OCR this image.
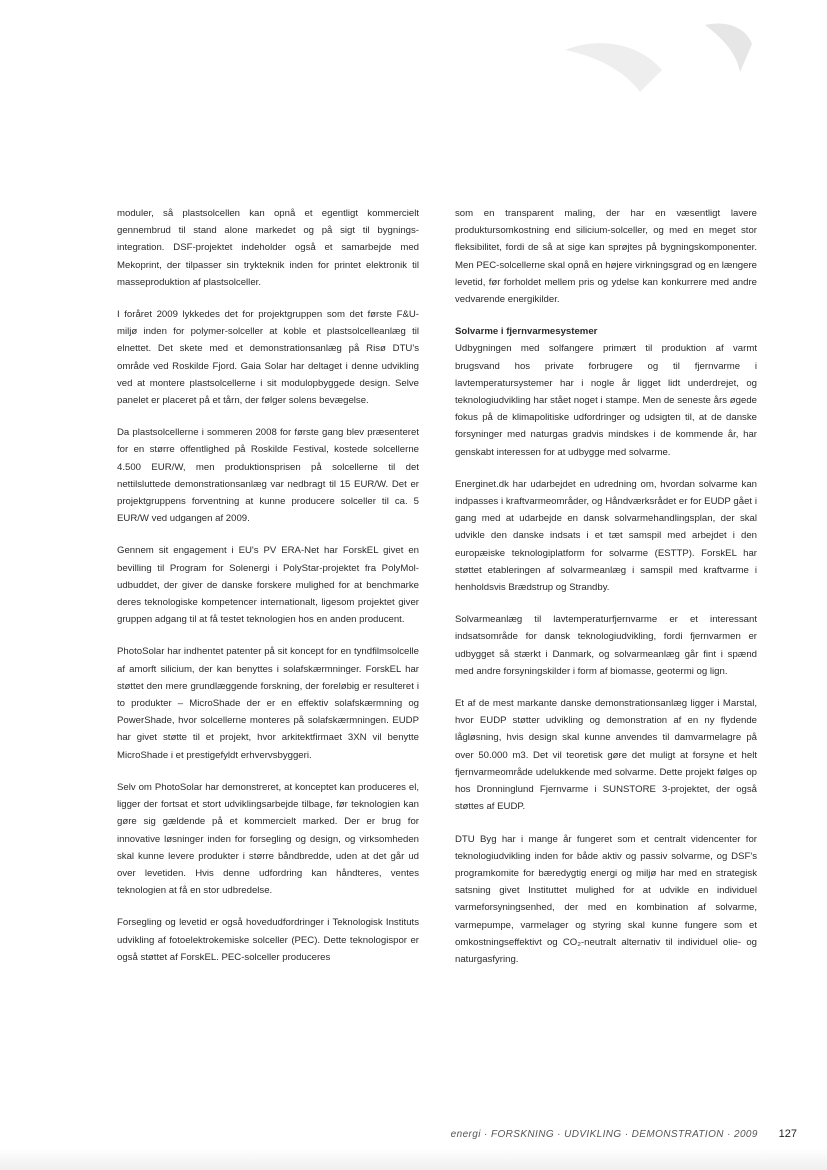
moduler, så plastsolcellen kan opnå et egentligt kommercielt gennembrud til stand alone markedet og på sigt til bygnings-integration. DSF-projektet indeholder også et samarbejde med Mekoprint, der tilpasser sin trykteknik inden for printet elektronik til masseproduktion af plastsolceller.

I foråret 2009 lykkedes det for projektgruppen som det første F&U-miljø inden for polymer-solceller at koble et plastsolcelleanlæg til elnettet. Det skete med et demonstrationsanlæg på Risø DTU's område ved Roskilde Fjord. Gaia Solar har deltaget i denne udvikling ved at montere plastsolcellerne i sit modulopbyggede design. Selve panelet er placeret på et tårn, der følger solens bevægelse.

Da plastsolcellerne i sommeren 2008 for første gang blev præsenteret for en større offentlighed på Roskilde Festival, kostede solcellerne 4.500 EUR/W, men produktionsprisen på solcellerne til det nettilsluttede demonstrationsanlæg var nedbragt til 15 EUR/W. Det er projektgruppens forventning at kunne producere solceller til ca. 5 EUR/W ved udgangen af 2009.

Gennem sit engagement i EU's PV ERA-Net har ForskEL givet en bevilling til Program for Solenergi i PolyStar-projektet fra PolyMol-udbuddet, der giver de danske forskere mulighed for at benchmarke deres teknologiske kompetencer internationalt, ligesom projektet giver gruppen adgang til at få testet teknologien hos en anden producent.

PhotoSolar har indhentet patenter på sit koncept for en tyndfilmsolcelle af amorft silicium, der kan benyttes i solafskærmninger. ForskEL har støttet den mere grundlæggende forskning, der foreløbig er resulteret i to produkter – MicroShade der er en effektiv solafskærmning og PowerShade, hvor solcellerne monteres på solafskærmningen. EUDP har givet støtte til et projekt, hvor arkitektfirmaet 3XN vil benytte MicroShade i et prestigefyldt erhvervsbyggeri.

Selv om PhotoSolar har demonstreret, at konceptet kan produceres el, ligger der fortsat et stort udviklingsarbejde tilbage, før teknologien kan gøre sig gældende på et kommercielt marked. Der er brug for innovative løsninger inden for forsegling og design, og virksomheden skal kunne levere produkter i større båndbredde, uden at det går ud over levetiden. Hvis denne udfordring kan håndteres, ventes teknologien at få en stor udbredelse.

Forsegling og levetid er også hovedudfordringer i Teknologisk Instituts udvikling af fotoelektrokemiske solceller (PEC). Dette teknologispor er også støttet af ForskEL. PEC-solceller produceres

som en transparent maling, der har en væsentligt lavere produktursomkostning end silicium-solceller, og med en meget stor fleksibilitet, fordi de så at sige kan sprøjtes på bygningskomponenter. Men PEC-solcellerne skal opnå en højere virkningsgrad og en længere levetid, før forholdet mellem pris og ydelse kan konkurrere med andre vedvarende energikilder.

Solvarme i fjernvarmesystemer

Udbygningen med solfangere primært til produktion af varmt brugsvand hos private forbrugere og til fjernvarme i lavtemperatursystemer har i nogle år ligget lidt underdrejet, og teknologiudvikling har stået noget i stampe. Men de seneste års øgede fokus på de klimapolitiske udfordringer og udsigten til, at de danske forsyninger med naturgas gradvis mindskes i de kommende år, har genskabt interessen for at udbygge med solvarme.

Energinet.dk har udarbejdet en udredning om, hvordan solvarme kan indpasses i kraftvarmeområder, og Håndværksrådet er for EUDP gået i gang med at udarbejde en dansk solvarmehandlingsplan, der skal udvikle den danske indsats i et tæt samspil med arbejdet i den europæiske teknologiplatform for solvarme (ESTTP). ForskEL har støttet etableringen af solvarmeanlæg i samspil med kraftvarme i henholdsvis Brædstrup og Strandby.

Solvarmeanlæg til lavtemperaturfjernvarme er et interessant indsatsområde for dansk teknologiudvikling, fordi fjernvarmen er udbygget så stærkt i Danmark, og solvarmeanlæg går fint i spænd med andre forsyningskilder i form af biomasse, geotermi og lign.

Et af de mest markante danske demonstrationsanlæg ligger i Marstal, hvor EUDP støtter udvikling og demonstration af en ny flydende lågløsning, hvis design skal kunne anvendes til damvarmelagre på over 50.000 m3. Det vil teoretisk gøre det muligt at forsyne et helt fjernvarmeområde udelukkende med solvarme. Dette projekt følges op hos Dronninglund Fjernvarme i SUNSTORE 3-projektet, der også støttes af EUDP.

DTU Byg har i mange år fungeret som et centralt videncenter for teknologiudvikling inden for både aktiv og passiv solvarme, og DSF's programkomite for bæredygtig energi og miljø har med en strategisk satsning givet Instituttet mulighed for at udvikle en individuel varmeforsyningsenhed, der med en kombination af solvarme, varmepumpe, varmelager og styring skal kunne fungere som et omkostningseffektivt og CO₂-neutralt alternativ til individuel olie- og naturgasfyring.

energi · FORSKNING · UDVIKLING · DEMONSTRATION · 2009 127
